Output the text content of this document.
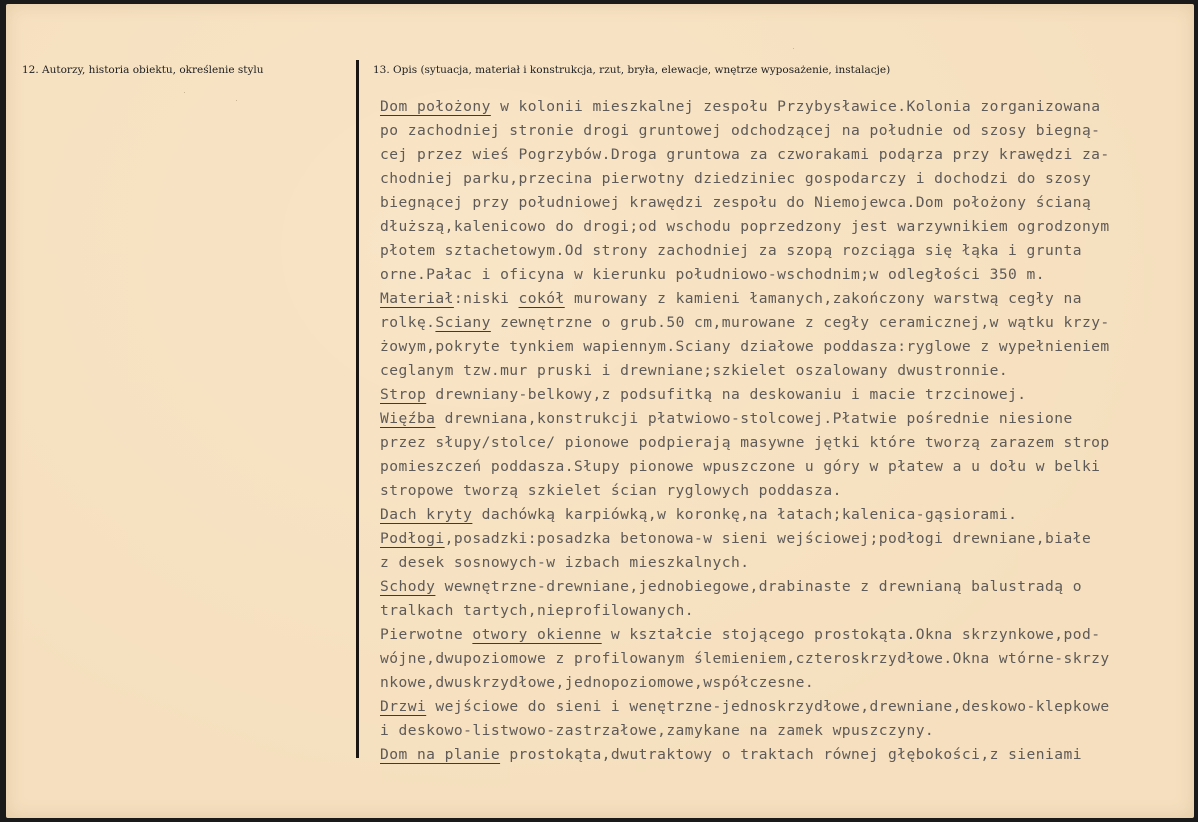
12. Autorzy, historia obiektu, określenie stylu	13. Opis (sytuacja, materiał i konstrukcja, rzut, bryła, elewacje, wnętrze wyposażenie, instalacje)
Dom położony w kolonii mieszkalnej zespołu Przybysławice.Kolonia zorganizowana
po zachodniej stronie drogi gruntowej odchodzącej na południe od szosy biegną-
cej przez wieś Pogrzybów.Droga gruntowa za czworakami podąrza przy krawędzi za-
chodniej parku,przecina pierwotny dziedziniec gospodarczy i dochodzi do szosy
biegnącej przy południowej krawędzi zespołu do Niemojewca.Dom położony ścianą
dłuższą,kalenicowo do drogi;od wschodu poprzedzony jest warzywnikiem ogrodzonym
płotem sztachetowym.Od strony zachodniej za szopą rozciąga się łąka i grunta
orne.Pałac i oficyna w kierunku południowo-wschodnim;w odległości 350 m.
Materiał:niski cokół murowany z kamieni łamanych,zakończony warstwą cegły na
rolkę.Sciany zewnętrzne o grub.50 cm,murowane z cegły ceramicznej,w wątku krzy-
żowym,pokryte tynkiem wapiennym.Sciany działowe poddasza:ryglowe z wypełnieniem
ceglanym tzw.mur pruski i drewniane;szkielet oszalowany dwustronnie.
Strop drewniany-belkowy,z podsufitką na deskowaniu i macie trzcinowej.
Więźba drewniana,konstrukcji płatwiowo-stolcowej.Płatwie pośrednie niesione
przez słupy/stolce/ pionowe podpierają masywne jętki które tworzą zarazem strop
pomieszczeń poddasza.Słupy pionowe wpuszczone u góry w płatew a u dołu w belki
stropowe tworzą szkielet ścian ryglowych poddasza.
Dach kryty dachówką karpiówką,w koronkę,na łatach;kalenica-gąsiorami.
Podłogi,posadzki:posadzka betonowa-w sieni wejściowej;podłogi drewniane,białe
z desek sosnowych-w izbach mieszkalnych.
Schody wewnętrzne-drewniane,jednobiegowe,drabinaste z drewnianą balustradą o
tralkach tartych,nieprofilowanych.
Pierwotne otwory okienne w kształcie stojącego prostokąta.Okna skrzynkowe,pod-
wójne,dwupoziomowe z profilowanym ślemieniem,czteroskrzydłowe.Okna wtórne-skrzy
nkowe,dwuskrzydłowe,jednopoziomowe,współczesne.
Drzwi wejściowe do sieni i wenętrzne-jednoskrzydłowe,drewniane,deskowo-klepkowe
i deskowo-listwowo-zastrzałowe,zamykane na zamek wpuszczyny.
Dom na planie prostokąta,dwutraktowy o traktach równej głębokości,z sieniami
